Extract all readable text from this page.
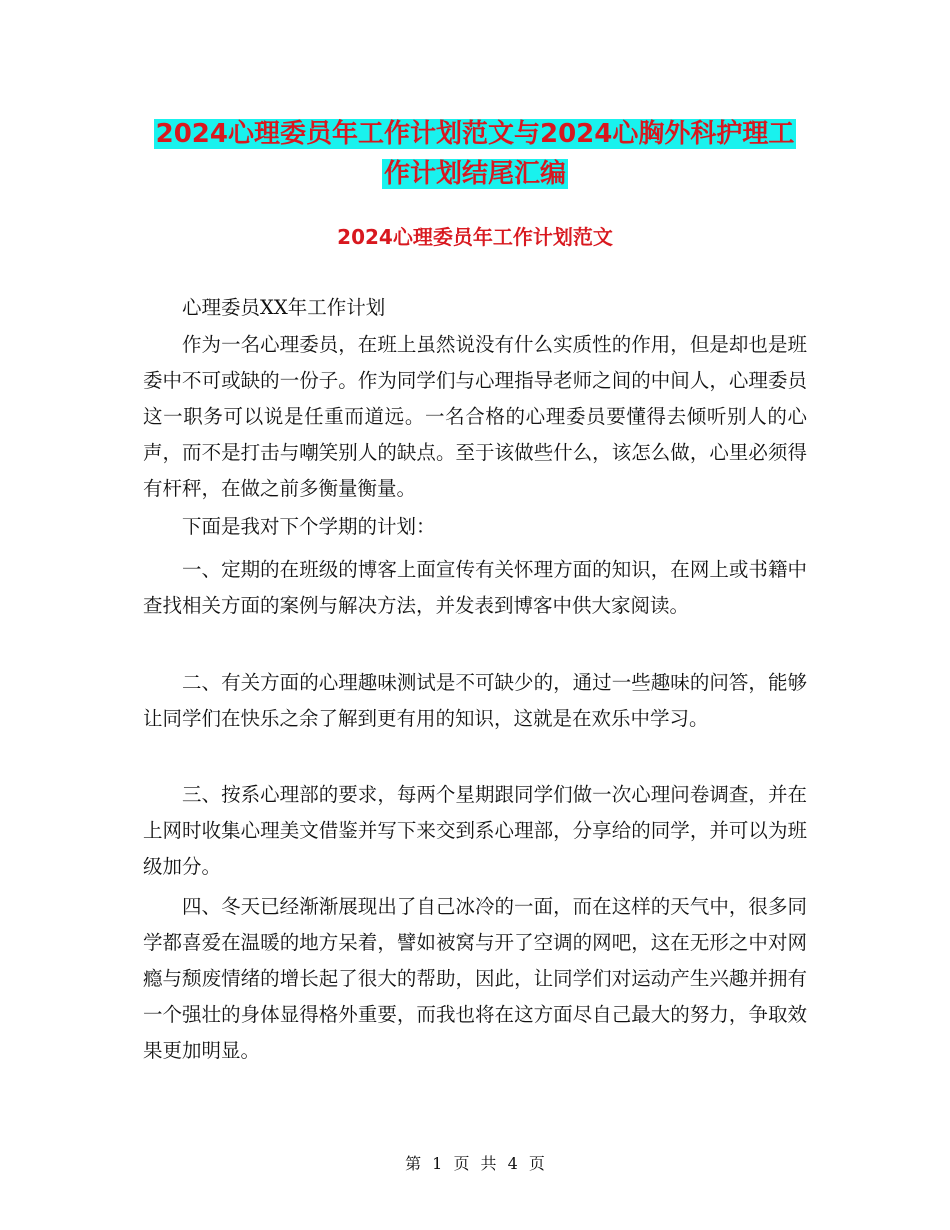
2024心理委员年工作计划范文与2024心胸外科护理工
作计划结尾汇编
2024心理委员年工作计划范文

心理委员XX年工作计划

作为一名心理委员，在班上虽然说没有什么实质性的作用，但是却也是班委中不可或缺的一份子。作为同学们与心理指导老师之间的中间人，心理委员这一职务可以说是任重而道远。一名合格的心理委员要懂得去倾听别人的心声，而不是打击与嘲笑别人的缺点。至于该做些什么，该怎么做，心里必须得有杆秤，在做之前多衡量衡量。

下面是我对下个学期的计划：

一、定期的在班级的博客上面宣传有关怀理方面的知识，在网上或书籍中查找相关方面的案例与解决方法，并发表到博客中供大家阅读。

二、有关方面的心理趣味测试是不可缺少的，通过一些趣味的问答，能够让同学们在快乐之余了解到更有用的知识，这就是在欢乐中学习。

三、按系心理部的要求，每两个星期跟同学们做一次心理问卷调查，并在上网时收集心理美文借鉴并写下来交到系心理部，分享给的同学，并可以为班级加分。

四、冬天已经渐渐展现出了自己冰冷的一面，而在这样的天气中，很多同学都喜爱在温暖的地方呆着，譬如被窝与开了空调的网吧，这在无形之中对网瘾与颓废情绪的增长起了很大的帮助，因此，让同学们对运动产生兴趣并拥有一个强壮的身体显得格外重要，而我也将在这方面尽自己最大的努力，争取效果更加明显。

第 1 页 共 4 页
